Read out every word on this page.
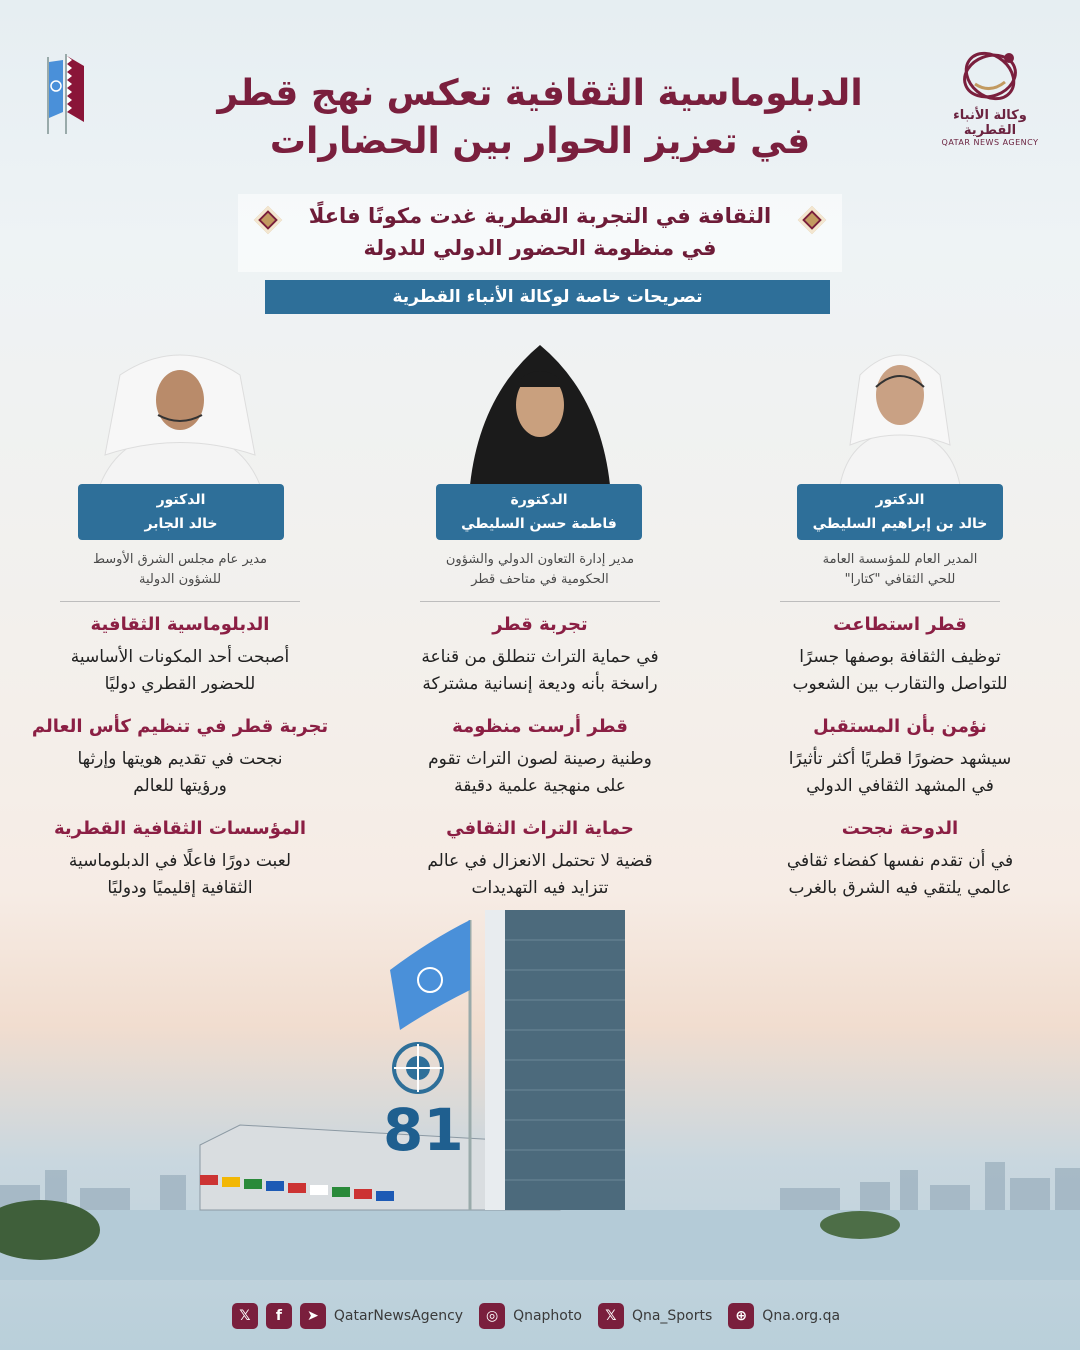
وكالة الأنباء القطرية
QATAR NEWS AGENCY
الدبلوماسية الثقافية تعكس نهج قطر
في تعزيز الحوار بين الحضارات
الثقافة في التجربة القطرية غدت مكونًا فاعلًا
في منظومة الحضور الدولي للدولة
تصريحات خاصة لوكالة الأنباء القطرية
الدكتور
خالد بن إبراهيم السليطي
المدير العام للمؤسسة العامة
للحي الثقافي "كتارا"
قطر استطاعت
توظيف الثقافة بوصفها جسرًا
للتواصل والتقارب بين الشعوب
نؤمن بأن المستقبل
سيشهد حضورًا قطريًا أكثر تأثيرًا
في المشهد الثقافي الدولي
الدوحة نجحت
في أن تقدم نفسها كفضاء ثقافي
عالمي يلتقي فيه الشرق بالغرب
الدكتورة
فاطمة حسن السليطي
مدير إدارة التعاون الدولي والشؤون
الحكومية في متاحف قطر
تجربة قطر
في حماية التراث تنطلق من قناعة
راسخة بأنه وديعة إنسانية مشتركة
قطر أرست منظومة
وطنية رصينة لصون التراث تقوم
على منهجية علمية دقيقة
حماية التراث الثقافي
قضية لا تحتمل الانعزال في عالم
تتزايد فيه التهديدات
الدكتور
خالد الجابر
مدير عام مجلس الشرق الأوسط
للشؤون الدولية
الدبلوماسية الثقافية
أصبحت أحد المكونات الأساسية
للحضور القطري دوليًا
تجربة قطر في تنظيم كأس العالم
نجحت في تقديم هويتها وإرثها
ورؤيتها للعالم
المؤسسات الثقافية القطرية
لعبت دورًا فاعلًا في الدبلوماسية
الثقافية إقليميًا ودوليًا
81
𝕏	f	➤	QatarNewsAgency	◎	Qnaphoto	𝕏	Qna_Sports	⊕	Qna.org.qa
